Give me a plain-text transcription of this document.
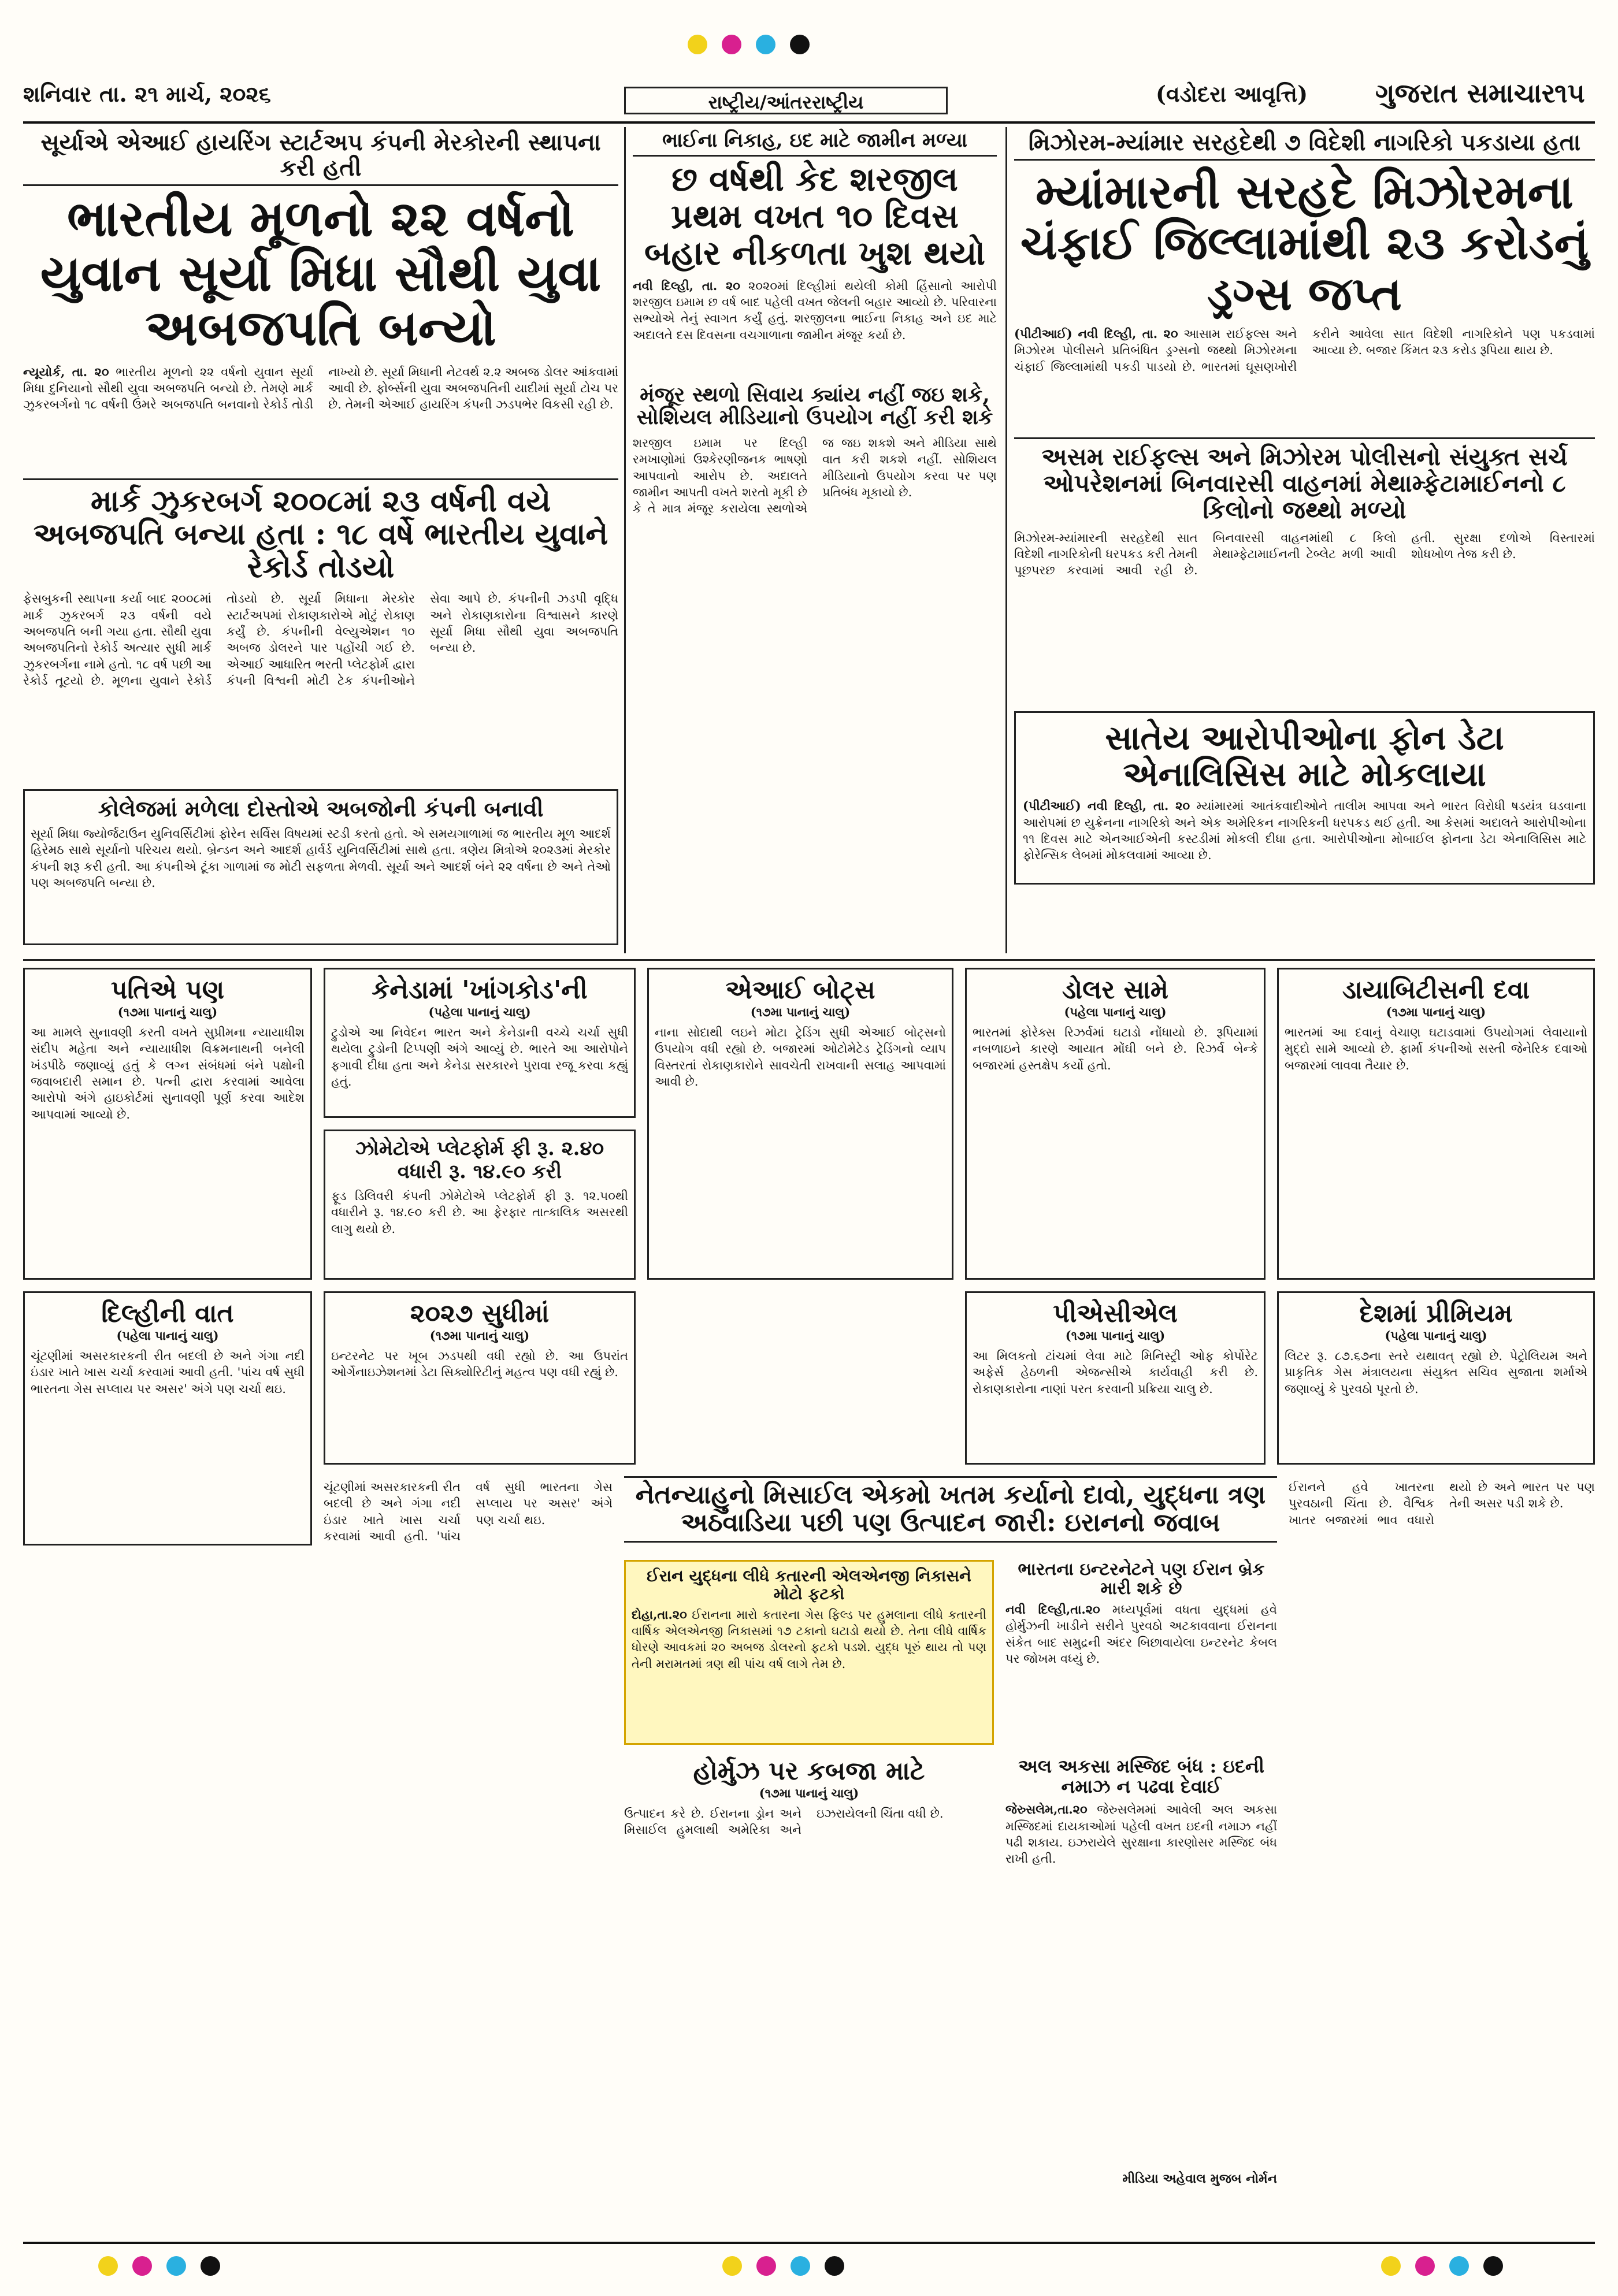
શનિવાર તા. ૨૧ માર્ચ, ૨૦૨૬	(વડોદરા આવૃત્તિ)	ગુજરાત સમાચાર
૧૫
રાષ્ટ્રીય/આંતરરાષ્ટ્રીય

સૂર્યાએ એઆઈ હાયરિંગ સ્ટાર્ટઅપ કંપની મેરકોરની સ્થાપના કરી હતી
ભારતીય મૂળનો ૨૨ વર્ષનો યુવાન સૂર્યા મિધા સૌથી યુવા અબજપતિ બન્યો
ન્યૂયોર્ક, તા. ૨૦ ભારતીય મૂળનો ૨૨ વર્ષનો યુવાન સૂર્યા મિધા દુનિયાનો સૌથી યુવા અબજપતિ બન્યો છે. તેમણે માર્ક ઝુકરબર્ગનો ૧૮ વર્ષની ઉંમરે અબજપતિ બનવાનો રેકોર્ડ તોડી નાખ્યો છે. સૂર્યા મિધાની નેટવર્થ ૨.૨ અબજ ડોલર આંકવામાં આવી છે. ફોર્બ્સની યુવા અબજપતિની યાદીમાં સૂર્યા ટોચ પર છે. તેમની એઆઈ હાયરિંગ કંપની ઝડપભેર વિકસી રહી છે.
માર્ક ઝુકરબર્ગ ૨૦૦૮માં ૨૩ વર્ષની વયે અબજપતિ બન્યા હતા : ૧૮ વર્ષે ભારતીય યુવાને રેકોર્ડ તોડયો
ફેસબુકની સ્થાપના કર્યા બાદ ૨૦૦૮માં માર્ક ઝુકરબર્ગ ૨૩ વર્ષની વયે અબજપતિ બની ગયા હતા. સૌથી યુવા અબજપતિનો રેકોર્ડ અત્યાર સુધી માર્ક ઝુકરબર્ગના નામે હતો. ૧૮ વર્ષ પછી આ રેકોર્ડ તૂટયો છે. મૂળના યુવાને રેકોર્ડ તોડયો છે. સૂર્યા મિધાના મેરકોર સ્ટાર્ટઅપમાં રોકાણકારોએ મોટું રોકાણ કર્યું છે. કંપનીની વેલ્યુએશન ૧૦ અબજ ડોલરને પાર પહોંચી ગઈ છે. એઆઈ આધારિત ભરતી પ્લેટફોર્મ દ્વારા કંપની વિશ્વની મોટી ટેક કંપનીઓને સેવા આપે છે. કંપનીની ઝડપી વૃદ્ધિ અને રોકાણકારોના વિશ્વાસને કારણે સૂર્યા મિધા સૌથી યુવા અબજપતિ બન્યા છે.
કોલેજમાં મળેલા દોસ્તોએ અબજોની કંપની બનાવી
સૂર્યા મિધા જ્યોર્જટાઉન યુનિવર્સિટીમાં ફોરેન સર્વિસ વિષયમાં સ્ટડી કરતો હતો. એ સમયગાળામાં જ ભારતીય મૂળ આદર્શ હિરેમઠ સાથે સૂર્યાનો પરિચય થયો. બ્રેન્ડન અને આદર્શ હાર્વર્ડ યુનિવર્સિટીમાં સાથે હતા. ત્રણેય મિત્રોએ ૨૦૨૩માં મેરકોર કંપની શરૂ કરી હતી. આ કંપનીએ ટૂંકા ગાળામાં જ મોટી સફળતા મેળવી. સૂર્યા અને આદર્શ બંને ૨૨ વર્ષના છે અને તેઓ પણ અબજપતિ બન્યા છે.
ભાઈના નિકાહ, ઇદ માટે જામીન મળ્યા
છ વર્ષથી કેદ શરજીલ પ્રથમ વખત ૧૦ દિવસ બહાર નીકળતા ખુશ થયો
નવી દિલ્હી, તા. ૨૦ ૨૦૨૦માં દિલ્હીમાં થયેલી કોમી હિંસાનો આરોપી શરજીલ ઇમામ છ વર્ષ બાદ પહેલી વખત જેલની બહાર આવ્યો છે. પરિવારના સભ્યોએ તેનું સ્વાગત કર્યું હતું. શરજીલના ભાઈના નિકાહ અને ઇદ માટે અદાલતે દસ દિવસના વચગાળાના જામીન મંજૂર કર્યા છે.
મંજૂર સ્થળો સિવાય ક્યાંય નહીં જઇ શકે, સોશિયલ મીડિયાનો ઉપયોગ નહીં કરી શકે
શરજીલ ઇમામ પર દિલ્હી રમખાણોમાં ઉશ્કેરણીજનક ભાષણો આપવાનો આરોપ છે. અદાલતે જામીન આપતી વખતે શરતો મૂકી છે કે તે માત્ર મંજૂર કરાયેલા સ્થળોએ જ જઇ શકશે અને મીડિયા સાથે વાત કરી શકશે નહીં. સોશિયલ મીડિયાનો ઉપયોગ કરવા પર પણ પ્રતિબંધ મૂકાયો છે.
મિઝોરમ-મ્યાંમાર સરહદેથી ૭ વિદેશી નાગરિકો પકડાયા હતા
મ્યાંમારની સરહદે મિઝોરમના ચંફાઈ જિલ્લામાંથી ૨૩ કરોડનું ડ્રગ્સ જપ્ત
(પીટીઆઈ) નવી દિલ્હી, તા. ૨૦ આસામ રાઈફલ્સ અને મિઝોરમ પોલીસને પ્રતિબંધિત ડ્રગ્સનો જથ્થો મિઝોરમના ચંફાઈ જિલ્લામાંથી પકડી પાડયો છે. ભારતમાં ઘૂસણખોરી કરીને આવેલા સાત વિદેશી નાગરિકોને પણ પકડવામાં આવ્યા છે. બજાર કિંમત ૨૩ કરોડ રૂપિયા થાય છે.
અસમ રાઈફલ્સ અને મિઝોરમ પોલીસનો સંયુક્ત સર્ચ ઓપરેશનમાં બિનવારસી વાહનમાં મેથામ્ફેટામાઈનનો ૮ કિલોનો જથ્થો મળ્યો
મિઝોરમ-મ્યાંમારની સરહદેથી સાત વિદેશી નાગરિકોની ધરપકડ કરી તેમની પૂછપરછ કરવામાં આવી રહી છે. બિનવારસી વાહનમાંથી ૮ કિલો મેથામ્ફેટામાઈનની ટેબ્લેટ મળી આવી હતી. સુરક્ષા દળોએ વિસ્તારમાં શોધખોળ તેજ કરી છે.
સાતેય આરોપીઓના ફોન ડેટા એનાલિસિસ માટે મોકલાયા
(પીટીઆઈ) નવી દિલ્હી, તા. ૨૦ મ્યાંમારમાં આતંકવાદીઓને તાલીમ આપવા અને ભારત વિરોધી ષડયંત્ર ઘડવાના આરોપમાં છ યુક્રેનના નાગરિકો અને એક અમેરિકન નાગરિકની ધરપકડ થઈ હતી. આ કેસમાં અદાલતે આરોપીઓના ૧૧ દિવસ માટે એનઆઈએની કસ્ટડીમાં મોકલી દીધા હતા. આરોપીઓના મોબાઈલ ફોનના ડેટા એનાલિસિસ માટે ફોરેન્સિક લેબમાં મોકલવામાં આવ્યા છે.
પતિએ પણ
(૧૭મા પાનાનું ચાલુ)
આ મામલે સુનાવણી કરતી વખતે સુપ્રીમના ન્યાયાધીશ સંદીપ મહેતા અને ન્યાયાધીશ વિક્રમનાથની બનેલી ખંડપીઠે જણાવ્યું હતું કે લગ્ન સંબંધમાં બંને પક્ષોની જવાબદારી સમાન છે. પત્ની દ્વારા કરવામાં આવેલા આરોપો અંગે હાઇકોર્ટમાં સુનાવણી પૂર્ણ કરવા આદેશ આપવામાં આવ્યો છે.
કેનેડામાં 'ખાંગકોડ'ની
(પહેલા પાનાનું ચાલુ)
ટ્રુડોએ આ નિવેદન ભારત અને કેનેડાની વચ્ચે ચર્ચા સુધી થયેલા ટ્રુડોની ટિપ્પણી અંગે આવ્યું છે. ભારતે આ આરોપોને ફગાવી દીધા હતા અને કેનેડા સરકારને પુરાવા રજૂ કરવા કહ્યું હતું.
ઝોમેટોએ પ્લેટફોર્મ ફી રૂ. ૨.૪૦ વધારી રૂ. ૧૪.૯૦ કરી
ફૂડ ડિલિવરી કંપની ઝોમેટોએ પ્લેટફોર્મ ફી રૂ. ૧૨.૫૦થી વધારીને રૂ. ૧૪.૯૦ કરી છે. આ ફેરફાર તાત્કાલિક અસરથી લાગુ થયો છે.
૨૦૨૭ સુધીમાં
(૧૭મા પાનાનું ચાલુ)
ઇન્ટરનેટ પર ખૂબ ઝડપથી વધી રહ્યો છે. આ ઉપરાંત ઓર્ગેનાઇઝેશનમાં ડેટા સિક્યોરિટીનું મહત્વ પણ વધી રહ્યું છે.
એઆઈ બોટ્સ
(૧૭મા પાનાનું ચાલુ)
નાના સોદાથી લઇને મોટા ટ્રેડિંગ સુધી એઆઈ બોટ્સનો ઉપયોગ વધી રહ્યો છે. બજારમાં ઓટોમેટેડ ટ્રેડિંગનો વ્યાપ વિસ્તરતાં રોકાણકારોને સાવચેતી રાખવાની સલાહ આપવામાં આવી છે.
ડોલર સામે
(પહેલા પાનાનું ચાલુ)
ભારતમાં ફોરેક્સ રિઝર્વમાં ઘટાડો નોંધાયો છે. રૂપિયામાં નબળાઇને કારણે આયાત મોંઘી બને છે. રિઝર્વ બેન્કે બજારમાં હસ્તક્ષેપ કર્યો હતો.
પીએસીએલ
(૧૭મા પાનાનું ચાલુ)
આ મિલકતો ટાંચમાં લેવા માટે મિનિસ્ટ્રી ઓફ કોર્પોરેટ અફેર્સ હેઠળની એજન્સીએ કાર્યવાહી કરી છે. રોકાણકારોના નાણાં પરત કરવાની પ્રક્રિયા ચાલુ છે.
ડાયાબિટીસની દવા
(૧૭મા પાનાનું ચાલુ)
ભારતમાં આ દવાનું વેચાણ ઘટાડવામાં ઉપયોગમાં લેવાયાનો મુદ્દો સામે આવ્યો છે. ફાર્મા કંપનીઓ સસ્તી જેનેરિક દવાઓ બજારમાં લાવવા તૈયાર છે.
દિલ્હીની વાત
(પહેલા પાનાનું ચાલુ)
ચૂંટણીમાં અસરકારકની રીત બદલી છે અને ગંગા નદી ઇંડાર ખાતે ખાસ ચર્ચા કરવામાં આવી હતી. 'પાંચ વર્ષ સુધી ભારતના ગેસ સપ્લાય પર અસર' અંગે પણ ચર્ચા થઇ.
દેશમાં પ્રીમિયમ
(પહેલા પાનાનું ચાલુ)
લિટર રૂ. ૮૭.૬૭ના સ્તરે યથાવત્ રહ્યો છે. પેટ્રોલિયમ અને પ્રાકૃતિક ગેસ મંત્રાલયના સંયુક્ત સચિવ સુજાતા શર્માએ જણાવ્યું કે પુરવઠો પૂરતો છે.
નેતન્યાહુનો મિસાઈલ એકમો ખતમ કર્યાનો દાવો, યુદ્ધના ત્રણ અઠવાડિયા પછી પણ ઉત્પાદન જારી: ઇરાનનો જવાબ
ઈરાન યુદ્ધના લીધે કતારની એલએનજી નિકાસને મોટો ફટકો
દોહા,તા.૨૦ ઈરાનના મારો કતારના ગેસ ફિલ્ડ પર હુમલાના લીધે કતારની વાર્ષિક એલએનજી નિકાસમાં ૧૭ ટકાનો ઘટાડો થયો છે. તેના લીધે વાર્ષિક ધોરણે આવકમાં ૨૦ અબજ ડોલરનો ફટકો પડશે. યુદ્ધ પૂરું થાય તો પણ તેની મરામતમાં ત્રણ થી પાંચ વર્ષ લાગે તેમ છે.
ભારતના ઇન્ટરનેટને પણ ઈરાન બ્રેક મારી શકે છે
નવી દિલ્હી,તા.૨૦ મધ્યપૂર્વમાં વધતા યુદ્ધમાં હવે હોર્મુઝની ખાડીને સરીને પુરવઠો અટકાવવાના ઈરાનના સંકેત બાદ સમુદ્રની અંદર બિછાવાયેલા ઇન્ટરનેટ કેબલ પર જોખમ વધ્યું છે.
હોર્મુઝ પર કબજા માટે
(૧૭મા પાનાનું ચાલુ)
ઉત્પાદન કરે છે. ઈરાનના ડ્રોન અને મિસાઈલ હુમલાથી અમેરિકા અને ઇઝરાયેલની ચિંતા વધી છે.
અલ અકસા મસ્જિદ બંધ : ઇદની નમાઝ ન પઢવા દેવાઈ
જેરુસલેમ,તા.૨૦ જેરુસલેમમાં આવેલી અલ અકસા મસ્જિદમાં દાયકાઓમાં પહેલી વખત ઇદની નમાઝ નહીં પઢી શકાય. ઇઝરાયેલે સુરક્ષાના કારણોસર મસ્જિદ બંધ રાખી હતી.
મીડિયા અહેવાલ મુજબ નોર્મન
ચૂંટણીમાં અસરકારકની રીત બદલી છે અને ગંગા નદી ઇંડાર ખાતે ખાસ ચર્ચા કરવામાં આવી હતી. 'પાંચ વર્ષ સુધી ભારતના ગેસ સપ્લાય પર અસર' અંગે પણ ચર્ચા થઇ.
ઈરાનને હવે ખાતરના પુરવઠાની ચિંતા છે. વૈશ્વિક ખાતર બજારમાં ભાવ વધારો થયો છે અને ભારત પર પણ તેની અસર પડી શકે છે.
